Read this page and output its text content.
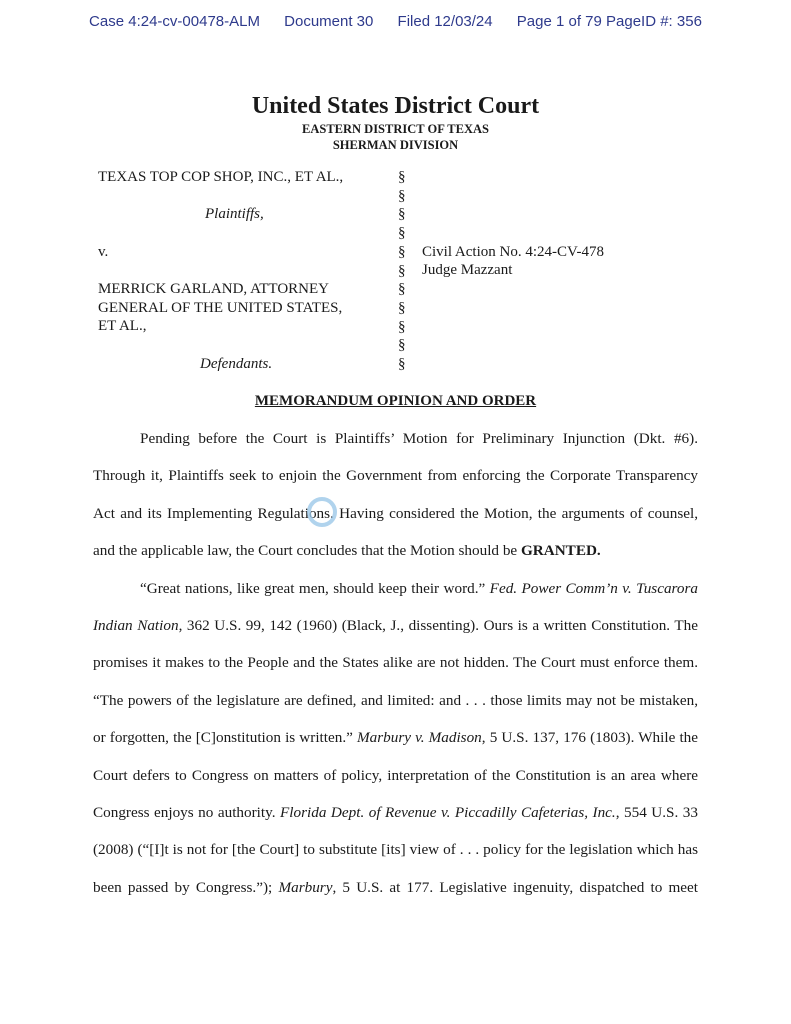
Case 4:24-cv-00478-ALM Document 30 Filed 12/03/24 Page 1 of 79 PageID #: 356
United States District Court
EASTERN DISTRICT OF TEXAS
SHERMAN DIVISION
TEXAS TOP COP SHOP, INC., ET AL.,
Plaintiffs,
v.
MERRICK GARLAND, ATTORNEY
GENERAL OF THE UNITED STATES,
ET AL.,
Defendants.
Civil Action No. 4:24-CV-478
Judge Mazzant
§
§
§
§
§
§
§
§
§
§
§
MEMORANDUM OPINION AND ORDER
Pending before the Court is Plaintiffs’ Motion for Preliminary Injunction (Dkt. #6).
Through it, Plaintiffs seek to enjoin the Government from enforcing the Corporate Transparency
Act and its Implementing Regulations. Having considered the Motion, the arguments of counsel,
and the applicable law, the Court concludes that the Motion should be GRANTED.
“Great nations, like great men, should keep their word.” Fed. Power Comm’n v. Tuscarora
Indian Nation, 362 U.S. 99, 142 (1960) (Black, J., dissenting). Ours is a written Constitution. The
promises it makes to the People and the States alike are not hidden. The Court must enforce them.
“The powers of the legislature are defined, and limited: and . . . those limits may not be mistaken,
or forgotten, the [C]onstitution is written.” Marbury v. Madison, 5 U.S. 137, 176 (1803). While the
Court defers to Congress on matters of policy, interpretation of the Constitution is an area where
Congress enjoys no authority. Florida Dept. of Revenue v. Piccadilly Cafeterias, Inc., 554 U.S. 33
(2008) (“[I]t is not for [the Court] to substitute [its] view of . . . policy for the legislation which has
been passed by Congress.”); Marbury, 5 U.S. at 177. Legislative ingenuity, dispatched to meet
